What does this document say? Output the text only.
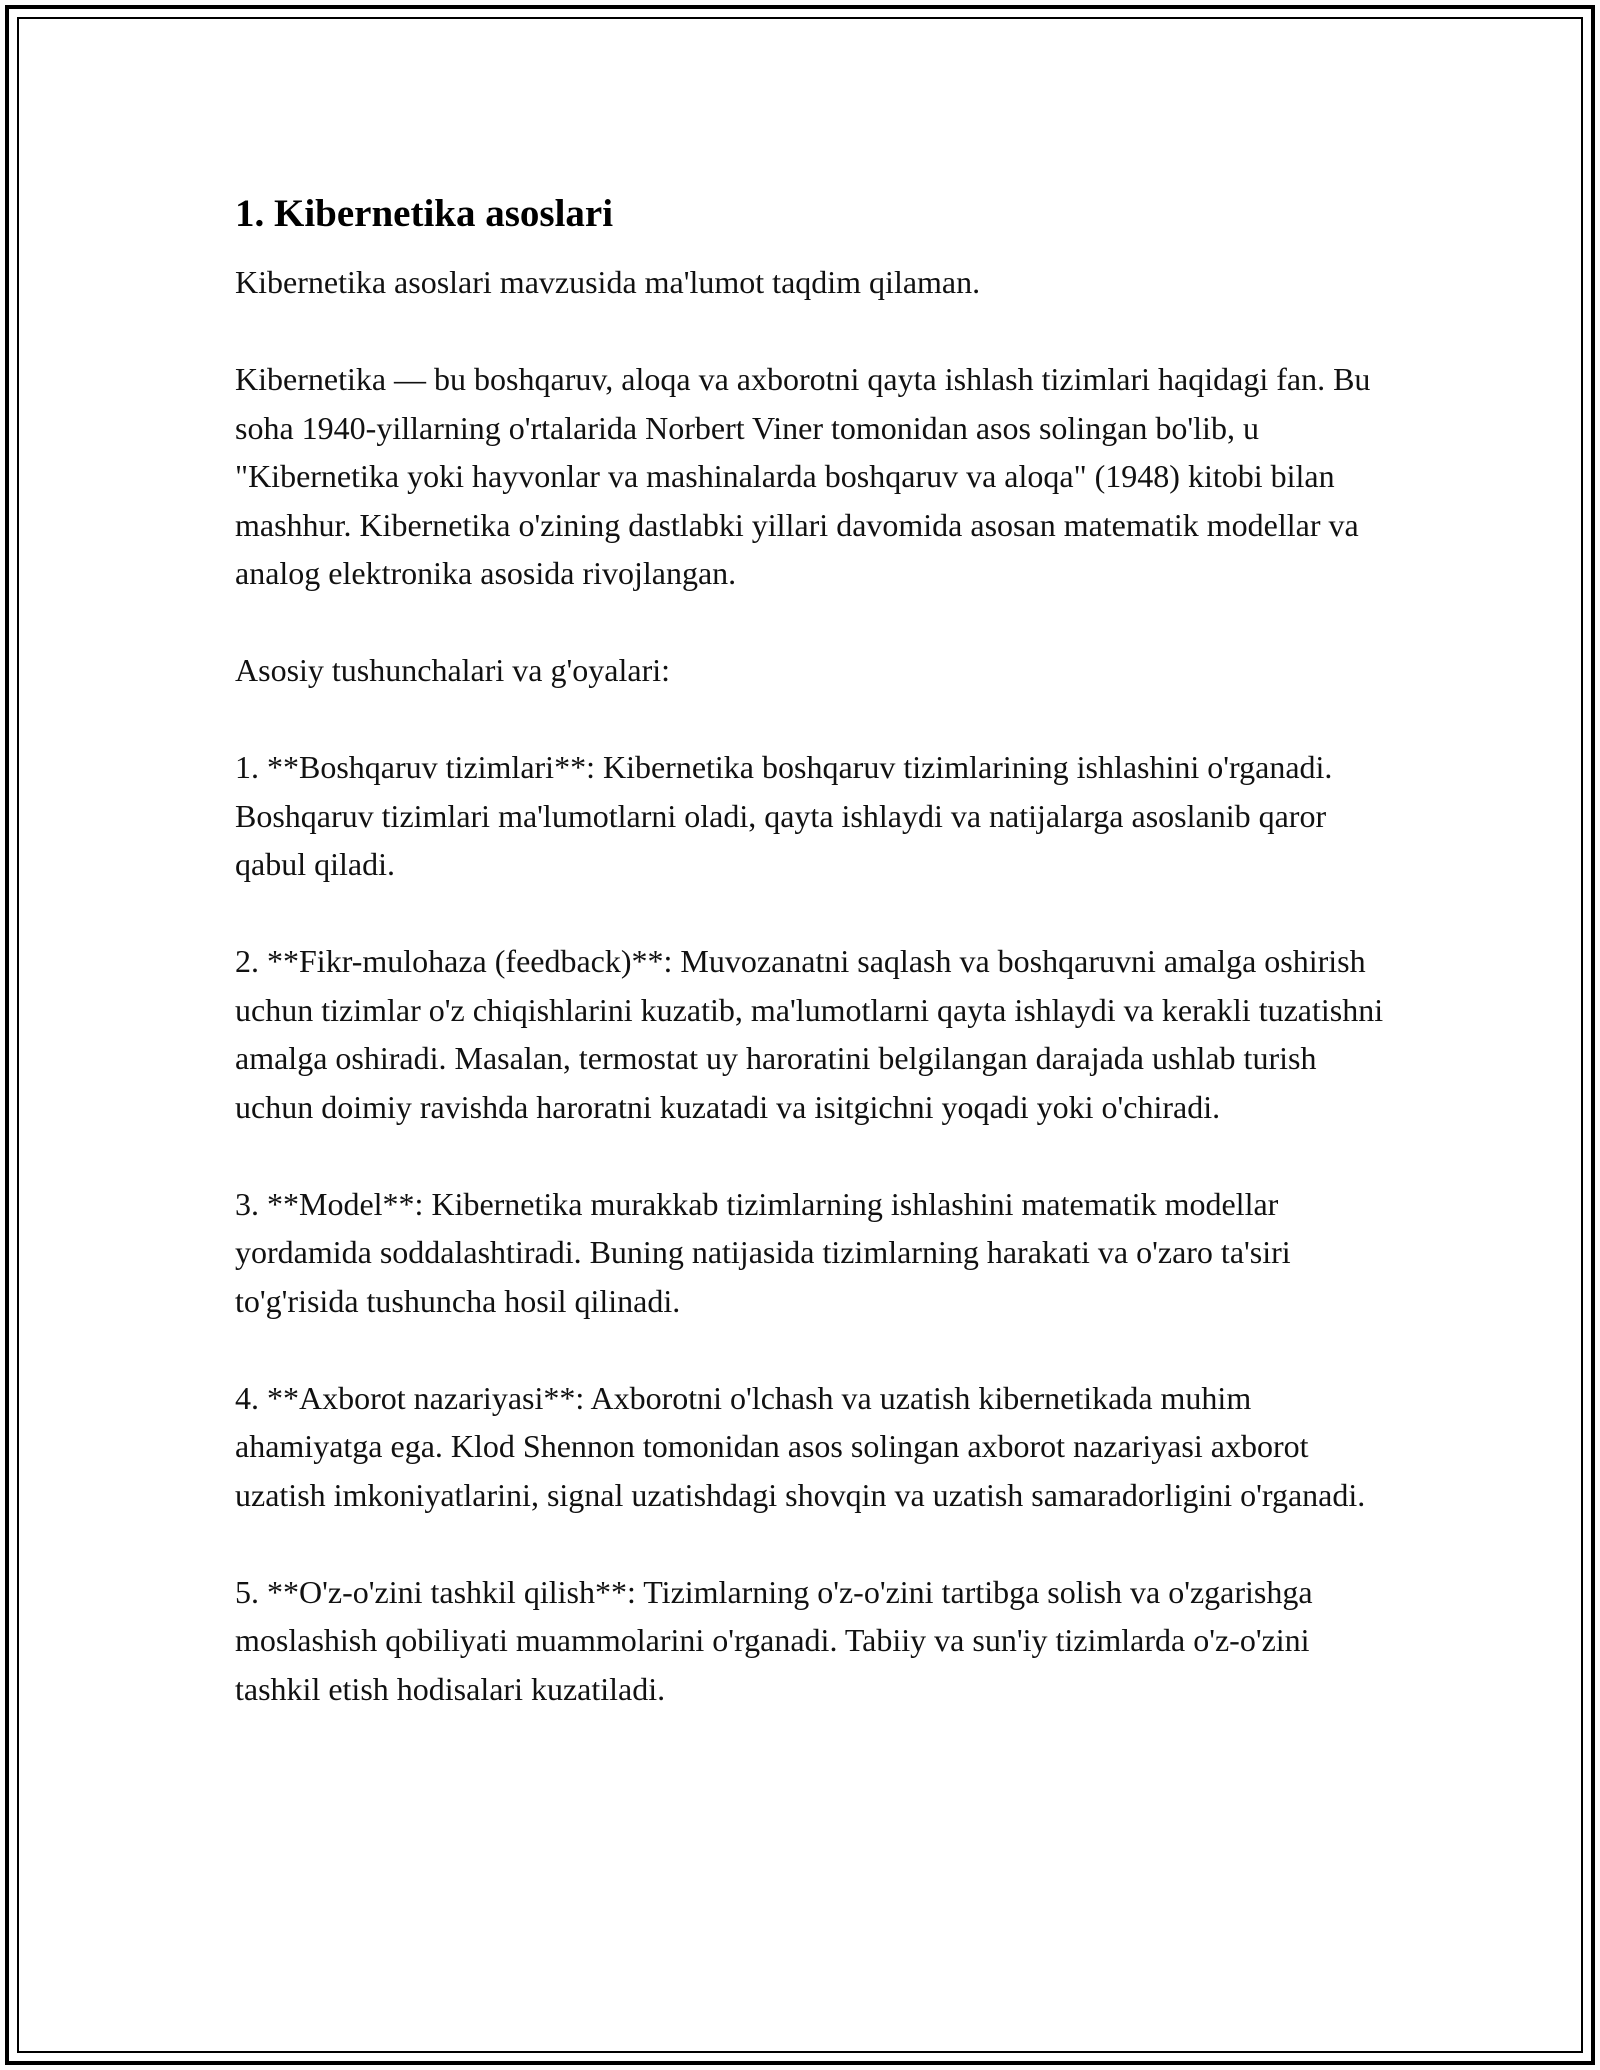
1. Kibernetika asoslari

Kibernetika asoslari mavzusida ma'lumot taqdim qilaman.

Kibernetika — bu boshqaruv, aloqa va axborotni qayta ishlash tizimlari haqidagi fan. Bu soha 1940-yillarning o'rtalarida Norbert Viner tomonidan asos solingan bo'lib, u "Kibernetika yoki hayvonlar va mashinalarda boshqaruv va aloqa" (1948) kitobi bilan mashhur. Kibernetika o'zining dastlabki yillari davomida asosan matematik modellar va analog elektronika asosida rivojlangan.

Asosiy tushunchalari va g'oyalari:

1. **Boshqaruv tizimlari**: Kibernetika boshqaruv tizimlarining ishlashini o'rganadi. Boshqaruv tizimlari ma'lumotlarni oladi, qayta ishlaydi va natijalarga asoslanib qaror qabul qiladi.

2. **Fikr-mulohaza (feedback)**: Muvozanatni saqlash va boshqaruvni amalga oshirish uchun tizimlar o'z chiqishlarini kuzatib, ma'lumotlarni qayta ishlaydi va kerakli tuzatishni amalga oshiradi. Masalan, termostat uy haroratini belgilangan darajada ushlab turish uchun doimiy ravishda haroratni kuzatadi va isitgichni yoqadi yoki o'chiradi.

3. **Model**: Kibernetika murakkab tizimlarning ishlashini matematik modellar yordamida soddalashtiradi. Buning natijasida tizimlarning harakati va o'zaro ta'siri to'g'risida tushuncha hosil qilinadi.

4. **Axborot nazariyasi**: Axborotni o'lchash va uzatish kibernetikada muhim ahamiyatga ega. Klod Shennon tomonidan asos solingan axborot nazariyasi axborot uzatish imkoniyatlarini, signal uzatishdagi shovqin va uzatish samaradorligini o'rganadi.

5. **O'z-o'zini tashkil qilish**: Tizimlarning o'z-o'zini tartibga solish va o'zgarishga moslashish qobiliyati muammolarini o'rganadi. Tabiiy va sun'iy tizimlarda o'z-o'zini tashkil etish hodisalari kuzatiladi.
